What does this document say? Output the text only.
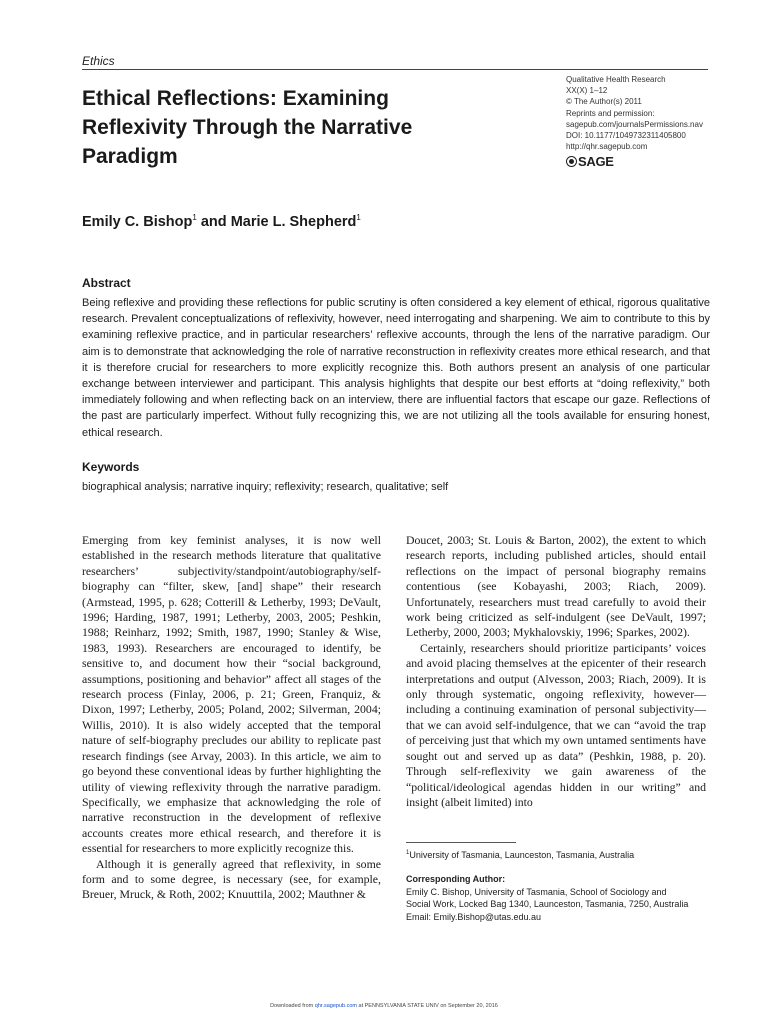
Ethics
Ethical Reflections: Examining Reflexivity Through the Narrative Paradigm
Qualitative Health Research
XX(X) 1–12
© The Author(s) 2011
Reprints and permission:
sagepub.com/journalsPermissions.nav
DOI: 10.1177/1049732311405800
http://qhr.sagepub.com
SAGE
Emily C. Bishop$^1$ and Marie L. Shepherd$^1$
Abstract
Being reflexive and providing these reflections for public scrutiny is often considered a key element of ethical, rigorous qualitative research. Prevalent conceptualizations of reflexivity, however, need interrogating and sharpening. We aim to contribute to this by examining reflexive practice, and in particular researchers’ reflexive accounts, through the lens of the narrative paradigm. Our aim is to demonstrate that acknowledging the role of narrative reconstruction in reflexivity creates more ethical research, and that it is therefore crucial for researchers to more explicitly recognize this. Both authors present an analysis of one particular exchange between interviewer and participant. This analysis highlights that despite our best efforts at “doing reflexivity,” both immediately following and when reflecting back on an interview, there are influential factors that escape our gaze. Reflections of the past are particularly imperfect. Without fully recognizing this, we are not utilizing all the tools available for ensuring honest, ethical research.
Keywords
biographical analysis; narrative inquiry; reflexivity; research, qualitative; self

Emerging from key feminist analyses, it is now well established in the research methods literature that qualitative researchers’ subjectivity/standpoint/autobiography/self-biography can “filter, skew, [and] shape” their research (Armstead, 1995, p. 628; Cotterill & Letherby, 1993; DeVault, 1996; Harding, 1987, 1991; Letherby, 2003, 2005; Peshkin, 1988; Reinharz, 1992; Smith, 1987, 1990; Stanley & Wise, 1983, 1993). Researchers are encouraged to identify, be sensitive to, and document how their “social background, assumptions, positioning and behavior” affect all stages of the research process (Finlay, 2006, p. 21; Green, Franquiz, & Dixon, 1997; Letherby, 2005; Poland, 2002; Silverman, 2004; Willis, 2010). It is also widely accepted that the temporal nature of self-biography precludes our ability to replicate past research findings (see Arvay, 2003). In this article, we aim to go beyond these conventional ideas by further highlighting the utility of viewing reflexivity through the narrative paradigm. Specifically, we emphasize that acknowledging the role of narrative reconstruction in the development of reflexive accounts creates more ethical research, and therefore it is essential for researchers to more explicitly recognize this.

Although it is generally agreed that reflexivity, in some form and to some degree, is necessary (see, for example, Breuer, Mruck, & Roth, 2002; Knuuttila, 2002; Mauthner &

Doucet, 2003; St. Louis & Barton, 2002), the extent to which research reports, including published articles, should entail reflections on the impact of personal biography remains contentious (see Kobayashi, 2003; Riach, 2009). Unfortunately, researchers must tread carefully to avoid their work being criticized as self-indulgent (see DeVault, 1997; Letherby, 2000, 2003; Mykhalovskiy, 1996; Sparkes, 2002).

Certainly, researchers should prioritize participants’ voices and avoid placing themselves at the epicenter of their research interpretations and output (Alvesson, 2003; Riach, 2009). It is only through systematic, ongoing reflexivity, however—including a continuing examination of personal subjectivity—that we can avoid self-indulgence, that we can “avoid the trap of perceiving just that which my own untamed sentiments have sought out and served up as data” (Peshkin, 1988, p. 20). Through self-reflexivity we gain awareness of the “political/ideological agendas hidden in our writing” and insight (albeit limited) into

$^1$University of Tasmania, Launceston, Tasmania, Australia
Corresponding Author:
Emily C. Bishop, University of Tasmania, School of Sociology and
Social Work, Locked Bag 1340, Launceston, Tasmania, 7250, Australia
Email: Emily.Bishop@utas.edu.au
Downloaded from qhr.sagepub.com at PENNSYLVANIA STATE UNIV on September 20, 2016
